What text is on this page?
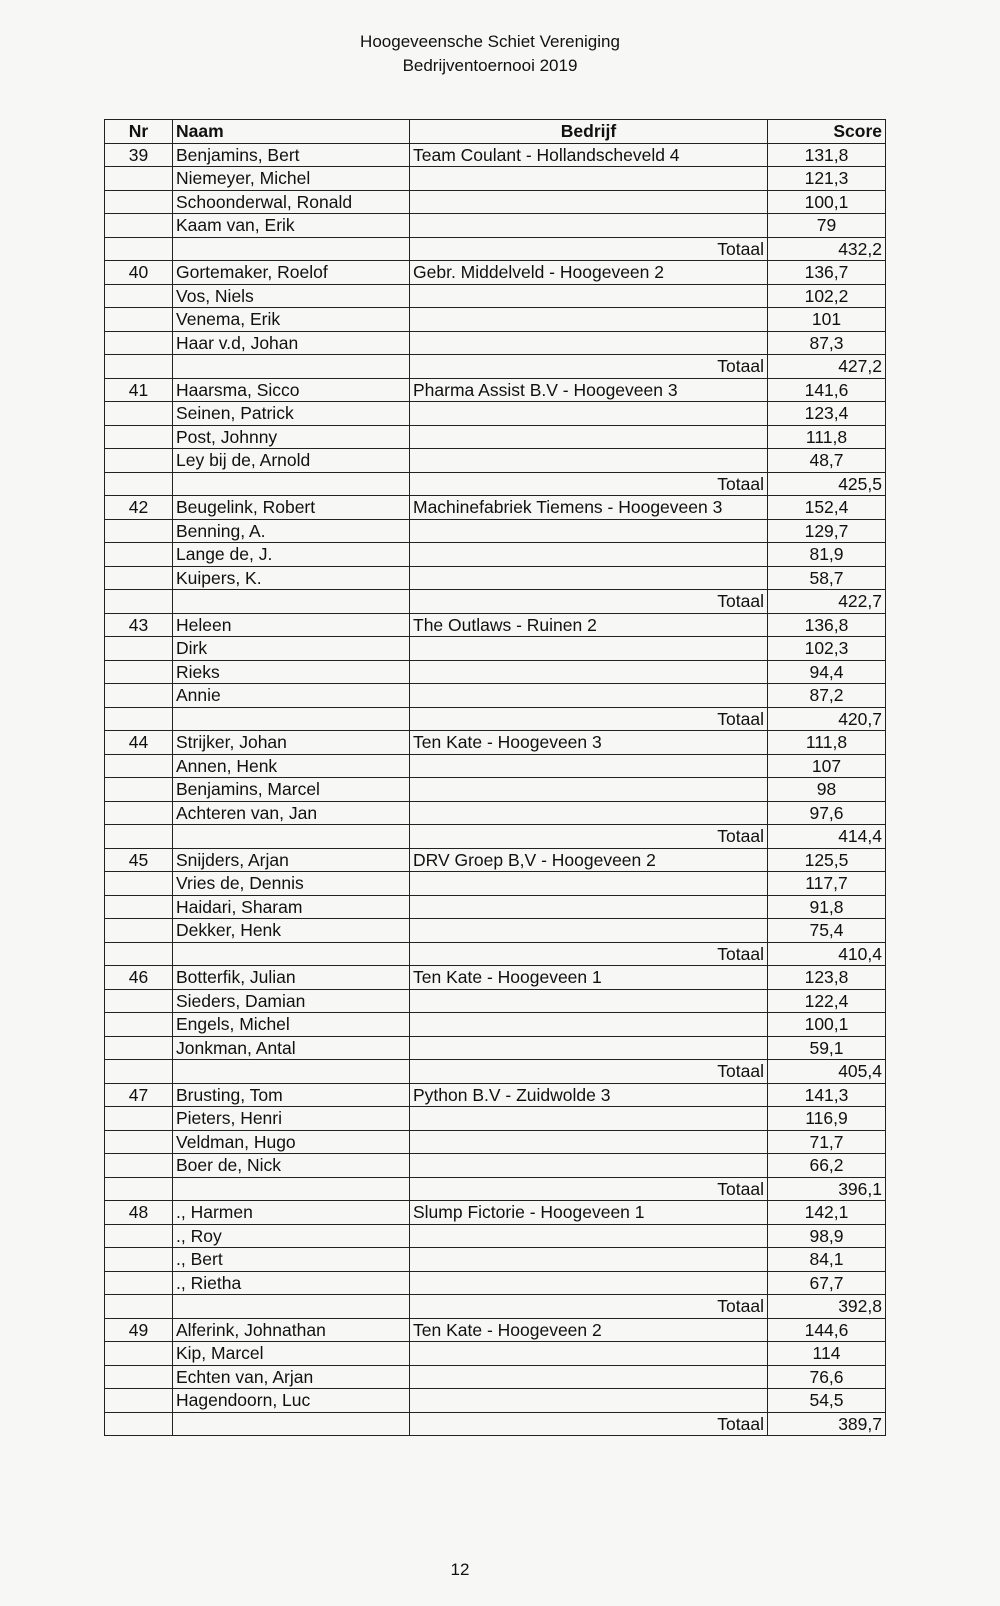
Hoogeveensche Schiet Vereniging
Bedrijventoernooi 2019
Nr	Naam	Bedrijf	Score
39	Benjamins, Bert	Team Coulant - Hollandscheveld 4	131,8
	Niemeyer, Michel		121,3
	Schoonderwal, Ronald		100,1
	Kaam van, Erik		79
		Totaal	432,2
40	Gortemaker, Roelof	Gebr. Middelveld - Hoogeveen 2	136,7
	Vos, Niels		102,2
	Venema, Erik		101
	Haar v.d, Johan		87,3
		Totaal	427,2
41	Haarsma, Sicco	Pharma Assist B.V - Hoogeveen 3	141,6
	Seinen, Patrick		123,4
	Post, Johnny		111,8
	Ley bij de, Arnold		48,7
		Totaal	425,5
42	Beugelink, Robert	Machinefabriek Tiemens - Hoogeveen 3	152,4
	Benning, A.		129,7
	Lange de, J.		81,9
	Kuipers, K.		58,7
		Totaal	422,7
43	Heleen	The Outlaws - Ruinen 2	136,8
	Dirk		102,3
	Rieks		94,4
	Annie		87,2
		Totaal	420,7
44	Strijker, Johan	Ten Kate - Hoogeveen 3	111,8
	Annen, Henk		107
	Benjamins, Marcel		98
	Achteren van, Jan		97,6
		Totaal	414,4
45	Snijders, Arjan	DRV Groep B,V - Hoogeveen 2	125,5
	Vries de, Dennis		117,7
	Haidari, Sharam		91,8
	Dekker, Henk		75,4
		Totaal	410,4
46	Botterfik, Julian	Ten Kate - Hoogeveen 1	123,8
	Sieders, Damian		122,4
	Engels, Michel		100,1
	Jonkman, Antal		59,1
		Totaal	405,4
47	Brusting, Tom	Python B.V - Zuidwolde 3	141,3
	Pieters, Henri		116,9
	Veldman, Hugo		71,7
	Boer de, Nick		66,2
		Totaal	396,1
48	., Harmen	Slump Fictorie - Hoogeveen 1	142,1
	., Roy		98,9
	., Bert		84,1
	., Rietha		67,7
		Totaal	392,8
49	Alferink, Johnathan	Ten Kate - Hoogeveen 2	144,6
	Kip, Marcel		114
	Echten van, Arjan		76,6
	Hagendoorn, Luc		54,5
		Totaal	389,7
12
